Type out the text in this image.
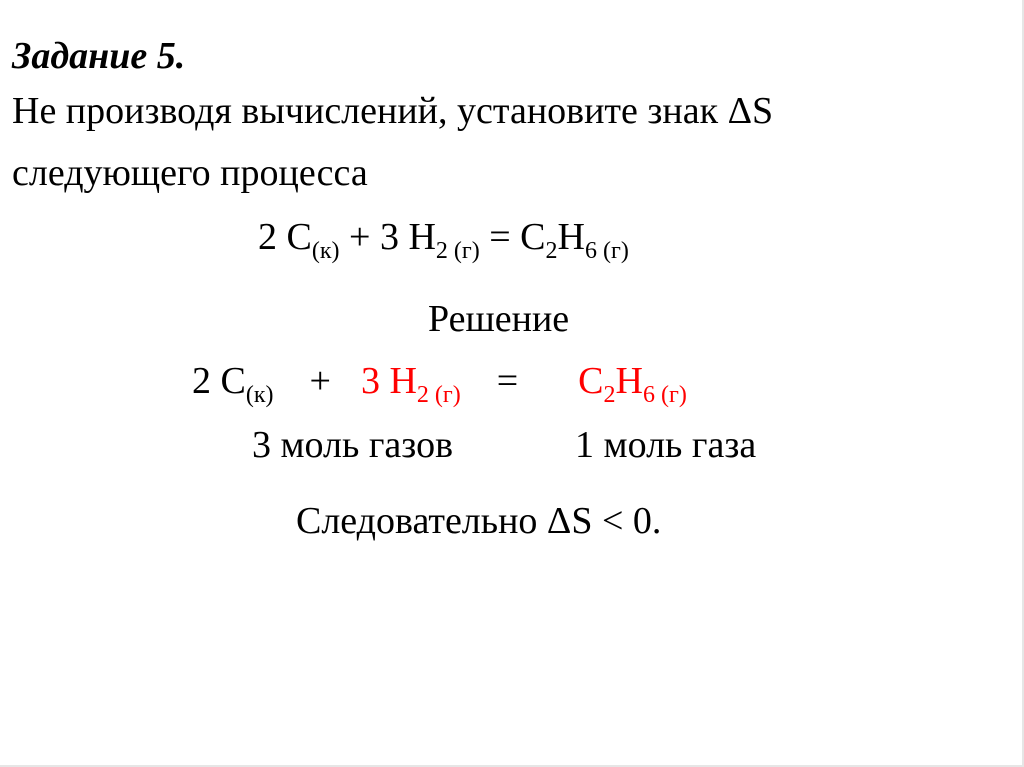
Задание 5.
Не производя вычислений, установите знак ΔS
следующего процесса
2 $C_{(к)} + 3$ $H_{2 (г)} = C_2H_{6 (г)}$
Решение
2 $C_{(к)} + 3$ $H_{2 (г)} = C_2H_{6 (г)}$
3 моль газов	1 моль газа
Следовательно ΔS < 0.
